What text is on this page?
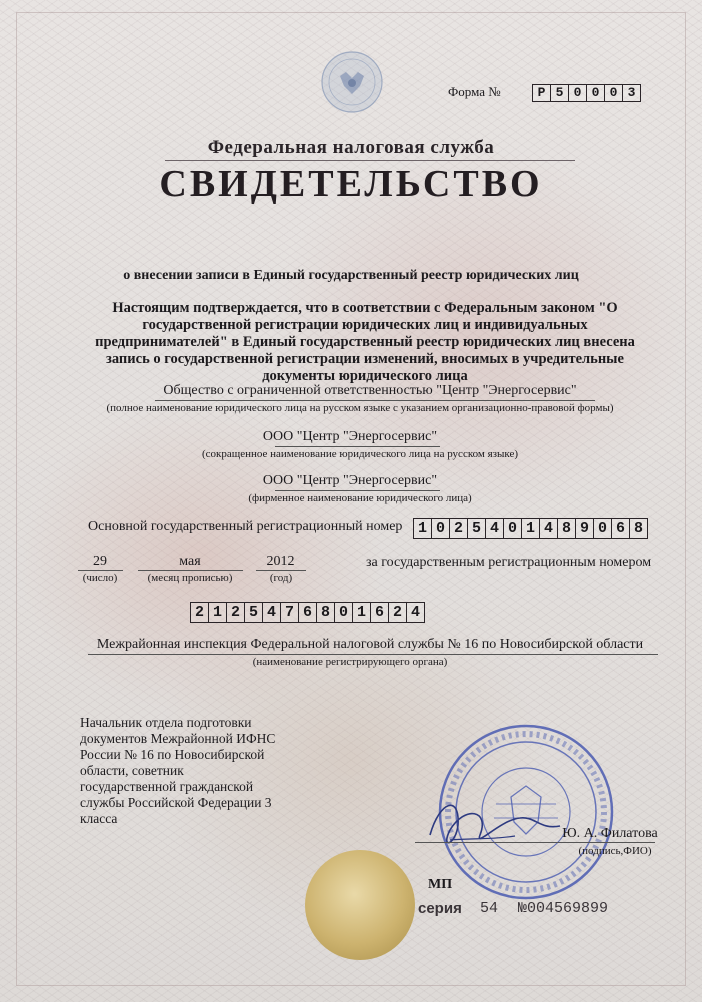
Форма №	Р 5 0 0 0 3
Федеральная налоговая служба
СВИДЕТЕЛЬСТВО
о внесении записи в Единый государственный реестр юридических лиц
Настоящим подтверждается, что в соответствии с Федеральным законом "О государственной регистрации юридических лиц и индивидуальных предпринимателей" в Единый государственный реестр юридических лиц внесена запись о государственной регистрации изменений, вносимых в учредительные документы юридического лица
Общество с ограниченной ответственностью "Центр "Энергосервис"
(полное наименование юридического лица на русском языке с указанием организационно-правовой формы)
ООО "Центр "Энергосервис"
(сокращенное наименование юридического лица на русском языке)
ООО "Центр "Энергосервис"
(фирменное наименование юридического лица)
Основной государственный регистрационный номер	1 0 2 5 4 0 1 4 8 9 0 6 8
29
(число)
мая
(месяц прописью)
2012
(год)
за государственным регистрационным номером
2 1 2 5 4 7 6 8 0 1 6 2 4
Межрайонная инспекция Федеральной налоговой службы № 16 по Новосибирской области
(наименование регистрирующего органа)
Начальник отдела подготовки документов Межрайонной ИФНС России № 16 по Новосибирской области, советник государственной гражданской службы Российской Федерации 3 класса
Ю. А. Филатова
(подпись,ФИО)
МП
серия 54 №004569899
